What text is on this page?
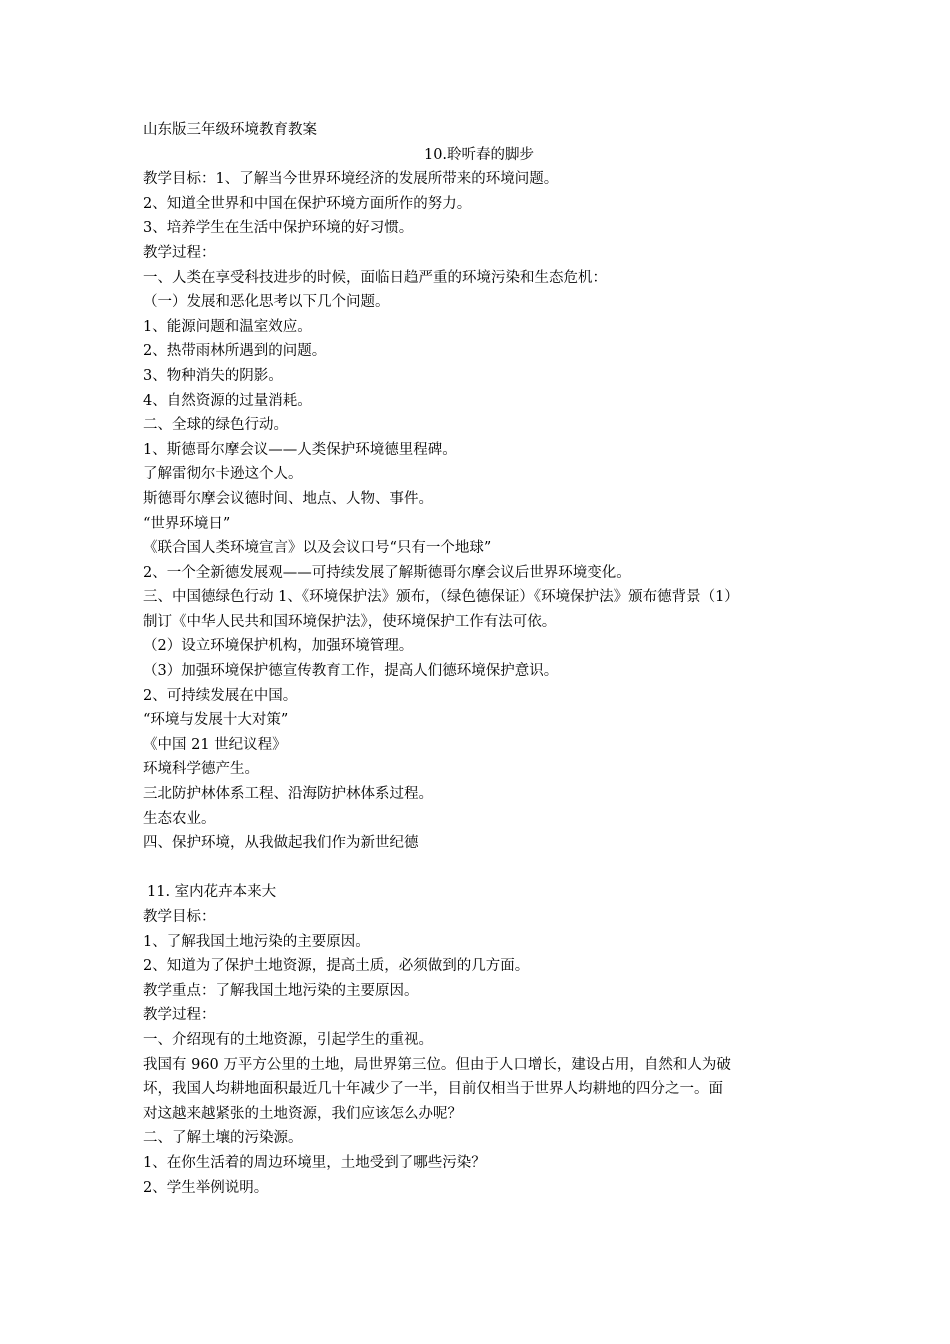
山东版三年级环境教育教案
10.聆听春的脚步
教学目标：1、了解当今世界环境经济的发展所带来的环境问题。
2、知道全世界和中国在保护环境方面所作的努力。
3、培养学生在生活中保护环境的好习惯。
教学过程：
一、人类在享受科技进步的时候，面临日趋严重的环境污染和生态危机：
（一）发展和恶化思考以下几个问题。
1、能源问题和温室效应。
2、热带雨林所遇到的问题。
3、物种消失的阴影。
4、自然资源的过量消耗。
二、全球的绿色行动。
1、斯德哥尔摩会议——人类保护环境德里程碑。
了解雷彻尔卡逊这个人。
斯德哥尔摩会议德时间、地点、人物、事件。
“世界环境日”
《联合国人类环境宣言》以及会议口号“只有一个地球”
2、一个全新德发展观——可持续发展了解斯德哥尔摩会议后世界环境变化。
三、中国德绿色行动 1、《环境保护法》颁布，（绿色德保证）《环境保护法》颁布德背景（1）
制订《中华人民共和国环境保护法》，使环境保护工作有法可依。
（2）设立环境保护机构，加强环境管理。
（3）加强环境保护德宣传教育工作，提高人们德环境保护意识。
2、可持续发展在中国。
“环境与发展十大对策”
《中国 21 世纪议程》
环境科学德产生。
三北防护林体系工程、沿海防护林体系过程。
生态农业。
四、保护环境，从我做起我们作为新世纪德
11. 室内花卉本来大
教学目标：
1、了解我国土地污染的主要原因。
2、知道为了保护土地资源，提高土质，必须做到的几方面。
教学重点：了解我国土地污染的主要原因。
教学过程：
一、介绍现有的土地资源，引起学生的重视。
我国有 960 万平方公里的土地，局世界第三位。但由于人口增长，建设占用，自然和人为破
坏，我国人均耕地面积最近几十年减少了一半，目前仅相当于世界人均耕地的四分之一。面
对这越来越紧张的土地资源，我们应该怎么办呢？
二、了解土壤的污染源。
1、在你生活着的周边环境里，土地受到了哪些污染？
2、学生举例说明。
